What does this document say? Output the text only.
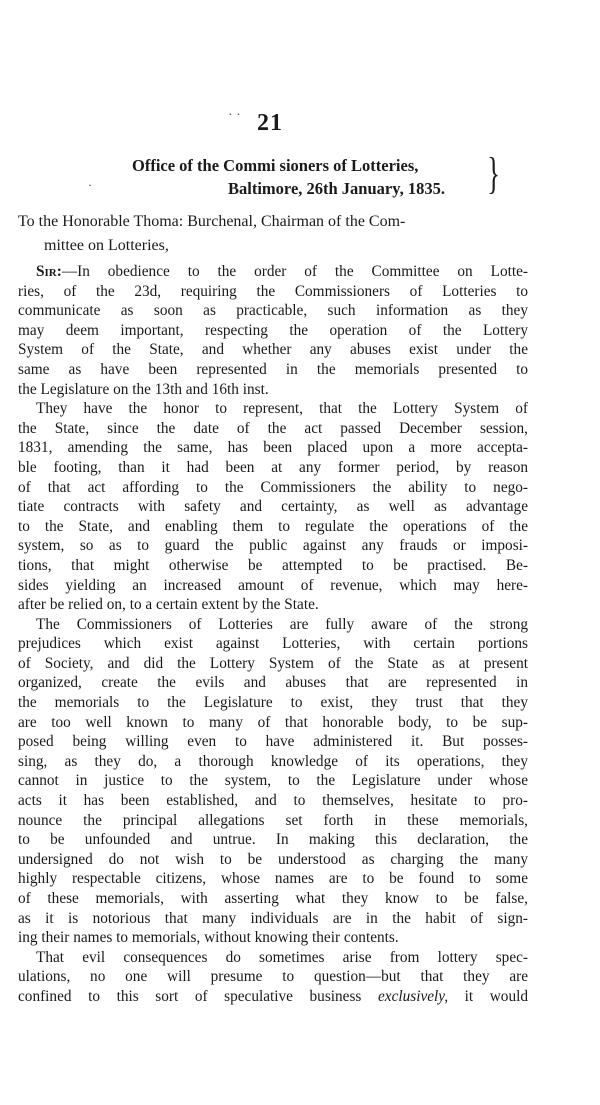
· · 21
Office of the Commi sioners of Lotteries,
Baltimore, 26th January, 1835. }
·
To the Honorable Thoma: Burchenal, Chairman of the Com-
mittee on Lotteries,
Sir:—In obedience to the order of the Committee on Lotte-
ries, of the 23d, requiring the Commissioners of Lotteries to
communicate as soon as practicable, such information as they
may deem important, respecting the operation of the Lottery
System of the State, and whether any abuses exist under the
same as have been represented in the memorials presented to
the Legislature on the 13th and 16th inst.
They have the honor to represent, that the Lottery System of
the State, since the date of the act passed December session,
1831, amending the same, has been placed upon a more accepta-
ble footing, than it had been at any former period, by reason
of that act affording to the Commissioners the ability to nego-
tiate contracts with safety and certainty, as well as advantage
to the State, and enabling them to regulate the operations of the
system, so as to guard the public against any frauds or imposi-
tions, that might otherwise be attempted to be practised. Be-
sides yielding an increased amount of revenue, which may here-
after be relied on, to a certain extent by the State.
The Commissioners of Lotteries are fully aware of the strong
prejudices which exist against Lotteries, with certain portions
of Society, and did the Lottery System of the State as at present
organized, create the evils and abuses that are represented in
the memorials to the Legislature to exist, they trust that they
are too well known to many of that honorable body, to be sup-
posed being willing even to have administered it. But posses-
sing, as they do, a thorough knowledge of its operations, they
cannot in justice to the system, to the Legislature under whose
acts it has been established, and to themselves, hesitate to pro-
nounce the principal allegations set forth in these memorials,
to be unfounded and untrue. In making this declaration, the
undersigned do not wish to be understood as charging the many
highly respectable citizens, whose names are to be found to some
of these memorials, with asserting what they know to be false,
as it is notorious that many individuals are in the habit of sign-
ing their names to memorials, without knowing their contents.
That evil consequences do sometimes arise from lottery spec-
ulations, no one will presume to question—but that they are
confined to this sort of speculative business exclusively, it would
